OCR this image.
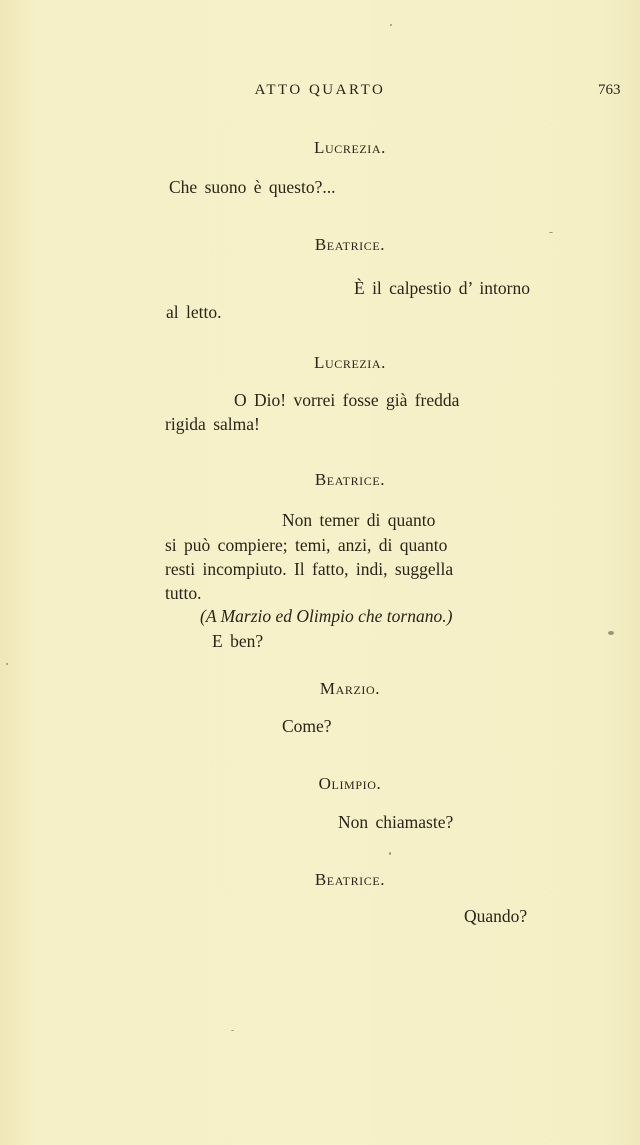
ATTO QUARTO	763
Lucrezia.
Che suono è questo?...
Beatrice.
È il calpestio d’ intorno
al letto.
Lucrezia.
O Dio! vorrei fosse già fredda
rigida salma!
Beatrice.
Non temer di quanto
si può compiere; temi, anzi, di quanto
resti incompiuto. Il fatto, indi, suggella
tutto.
(A Marzio ed Olimpio che tornano.)
E ben?
Marzio.
Come?
Olimpio.
Non chiamaste?
Beatrice.
Quando?
